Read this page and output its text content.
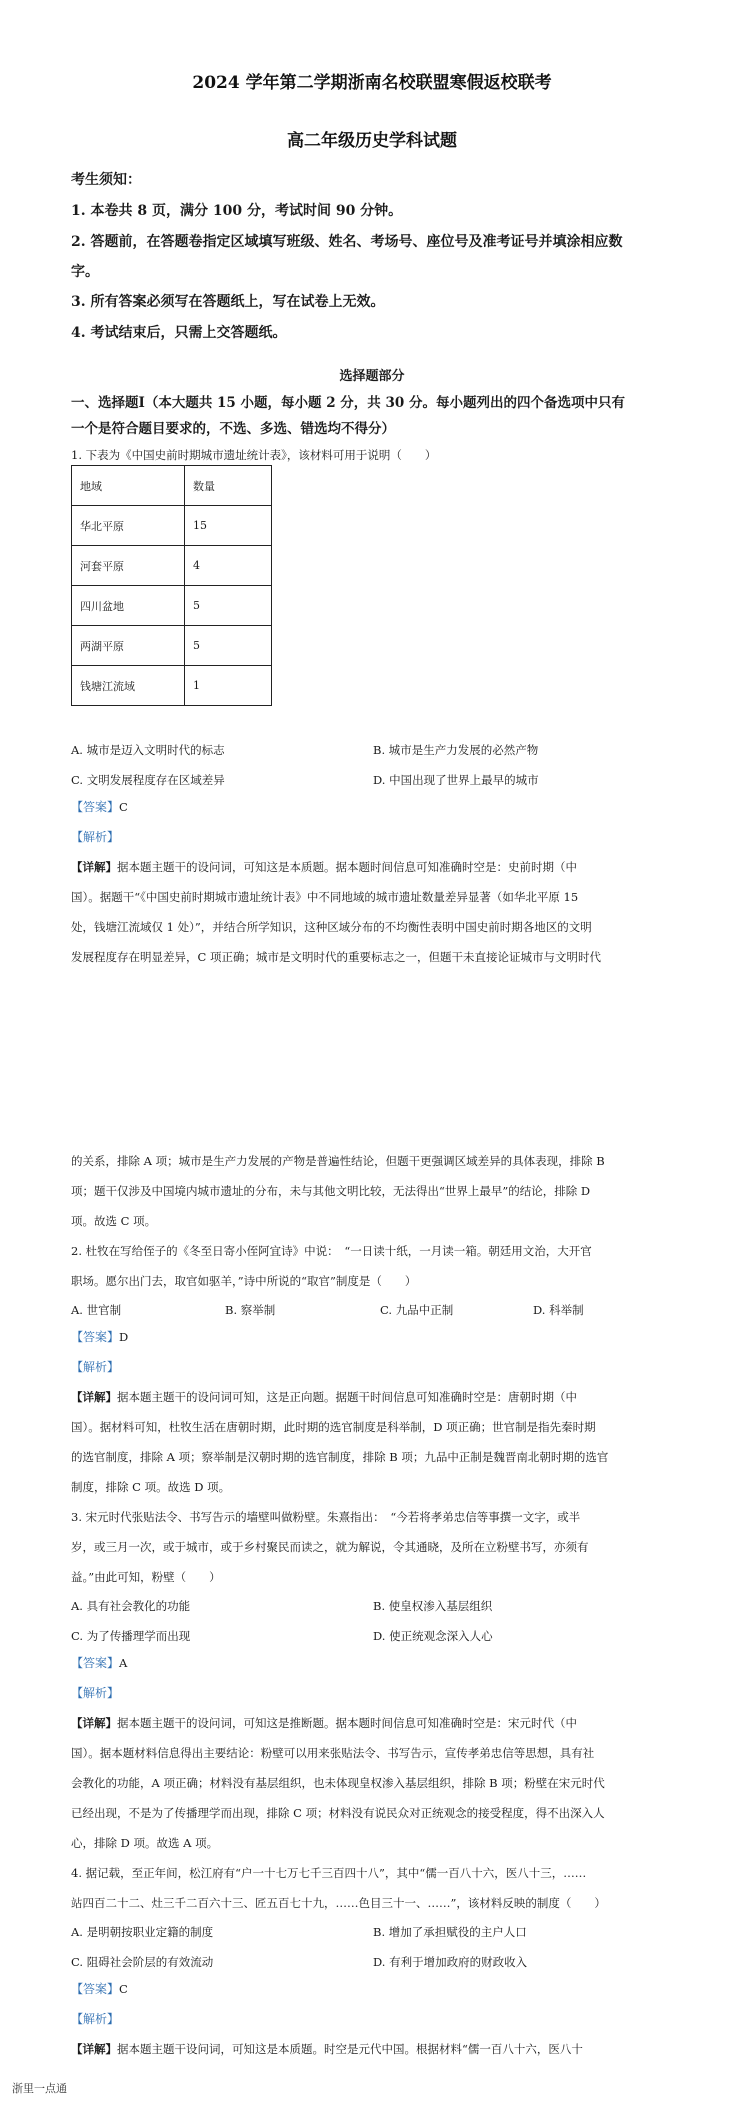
2024 学年第二学期浙南名校联盟寒假返校联考
高二年级历史学科试题
考生须知：
1. 本卷共 8 页，满分 100 分，考试时间 90 分钟。
2. 答题前，在答题卷指定区域填写班级、姓名、考场号、座位号及准考证号并填涂相应数
字。
3. 所有答案必须写在答题纸上，写在试卷上无效。
4. 考试结束后，只需上交答题纸。
选择题部分
一、选择题Ⅰ（本大题共 15 小题，每小题 2 分，共 30 分。每小题列出的四个备选项中只有
一个是符合题目要求的，不选、多选、错选均不得分）
1. 下表为《中国史前时期城市遗址统计表》，该材料可用于说明（　　）
地域	数量
华北平原	15
河套平原	4
四川盆地	5
两湖平原	5
钱塘江流域	1
A. 城市是迈入文明时代的标志	B. 城市是生产力发展的必然产物
C. 文明发展程度存在区域差异	D. 中国出现了世界上最早的城市
【答案】C
【解析】
【详解】据本题主题干的设问词，可知这是本质题。据本题时间信息可知准确时空是：史前时期（中
国）。据题干“《中国史前时期城市遗址统计表》中不同地域的城市遗址数量差异显著（如华北平原 15
处，钱塘江流域仅 1 处）”，并结合所学知识，这种区域分布的不均衡性表明中国史前时期各地区的文明
发展程度存在明显差异，C 项正确；城市是文明时代的重要标志之一，但题干未直接论证城市与文明时代
的关系，排除 A 项；城市是生产力发展的产物是普遍性结论，但题干更强调区域差异的具体表现，排除 B
项；题干仅涉及中国境内城市遗址的分布，未与其他文明比较，无法得出“世界上最早”的结论，排除 D
项。故选 C 项。
2. 杜牧在写给侄子的《冬至日寄小侄阿宜诗》中说：　“一日读十纸，一月读一箱。朝廷用文治，大开官
职场。愿尔出门去，取官如驱羊，”诗中所说的“取官”制度是（　　）
A. 世官制	B. 察举制	C. 九品中正制	D. 科举制
【答案】D
【解析】
【详解】据本题主题干的设问词可知，这是正向题。据题干时间信息可知准确时空是：唐朝时期（中
国）。据材料可知，杜牧生活在唐朝时期，此时期的选官制度是科举制，D 项正确；世官制是指先秦时期
的选官制度，排除 A 项；察举制是汉朝时期的选官制度，排除 B 项；九品中正制是魏晋南北朝时期的选官
制度，排除 C 项。故选 D 项。
3. 宋元时代张贴法令、书写告示的墙壁叫做粉壁。朱熹指出：　“今若将孝弟忠信等事撰一文字，或半
岁，或三月一次，或于城市，或于乡村聚民而读之，就为解说，令其通晓，及所在立粉壁书写，亦须有
益。”由此可知，粉壁（　　）
A. 具有社会教化的功能	B. 使皇权渗入基层组织
C. 为了传播理学而出现	D. 使正统观念深入人心
【答案】A
【解析】
【详解】据本题主题干的设问词，可知这是推断题。据本题时间信息可知准确时空是：宋元时代（中
国）。据本题材料信息得出主要结论：粉壁可以用来张贴法令、书写告示，宣传孝弟忠信等思想，具有社
会教化的功能，A 项正确；材料没有基层组织，也未体现皇权渗入基层组织，排除 B 项；粉壁在宋元时代
已经出现，不是为了传播理学而出现，排除 C 项；材料没有说民众对正统观念的接受程度，得不出深入人
心，排除 D 项。故选 A 项。
4. 据记载，至正年间，松江府有“户一十七万七千三百四十八”，其中“儒一百八十六，医八十三，……
站四百二十二、灶三千二百六十三、匠五百七十九，……色目三十一、……”，该材料反映的制度（　　）
A. 是明朝按职业定籍的制度	B. 增加了承担赋役的主户人口
C. 阻碍社会阶层的有效流动	D. 有利于增加政府的财政收入
【答案】C
【解析】
【详解】据本题主题干设问词，可知这是本质题。时空是元代中国。根据材料“儒一百八十六，医八十
浙里一点通
